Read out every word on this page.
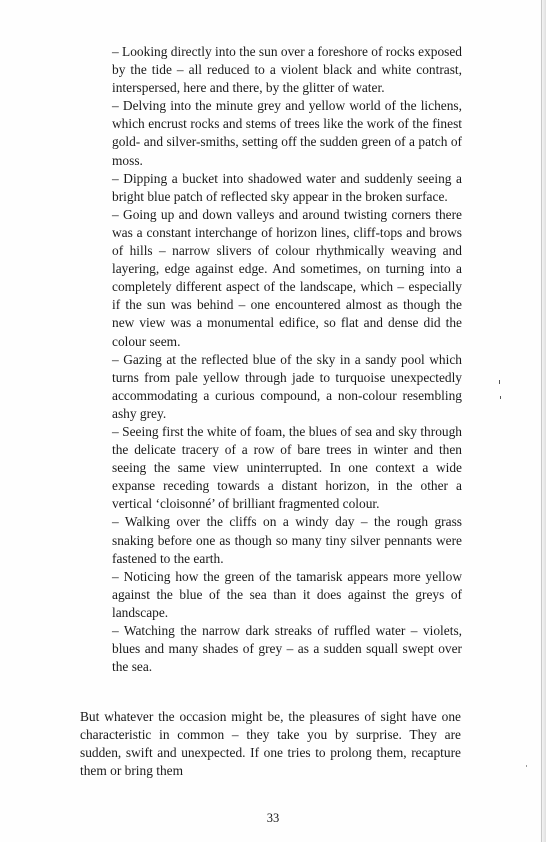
– Looking directly into the sun over a foreshore of rocks exposed by the tide – all reduced to a violent black and white contrast, interspersed, here and there, by the glitter of water.

– Delving into the minute grey and yellow world of the lichens, which encrust rocks and stems of trees like the work of the finest gold- and silver-smiths, setting off the sudden green of a patch of moss.

– Dipping a bucket into shadowed water and suddenly seeing a bright blue patch of reflected sky appear in the broken surface.

– Going up and down valleys and around twisting corners there was a constant interchange of horizon lines, cliff-tops and brows of hills – narrow slivers of colour rhythmically weaving and layering, edge against edge. And sometimes, on turning into a completely different aspect of the landscape, which – especially if the sun was behind – one encountered almost as though the new view was a monumental edifice, so flat and dense did the colour seem.

– Gazing at the reflected blue of the sky in a sandy pool which turns from pale yellow through jade to turquoise unexpectedly accommodating a curious compound, a non-colour resembling ashy grey.

– Seeing first the white of foam, the blues of sea and sky through the delicate tracery of a row of bare trees in winter and then seeing the same view uninterrupted. In one context a wide expanse receding towards a distant horizon, in the other a vertical ‘cloisonné’ of brilliant fragmented colour.

– Walking over the cliffs on a windy day – the rough grass snaking before one as though so many tiny silver pennants were fastened to the earth.

– Noticing how the green of the tamarisk appears more yellow against the blue of the sea than it does against the greys of landscape.

– Watching the narrow dark streaks of ruffled water – violets, blues and many shades of grey – as a sudden squall swept over the sea.

But whatever the occasion might be, the pleasures of sight have one characteristic in common – they take you by surprise. They are sudden, swift and unexpected. If one tries to prolong them, recapture them or bring them

33
